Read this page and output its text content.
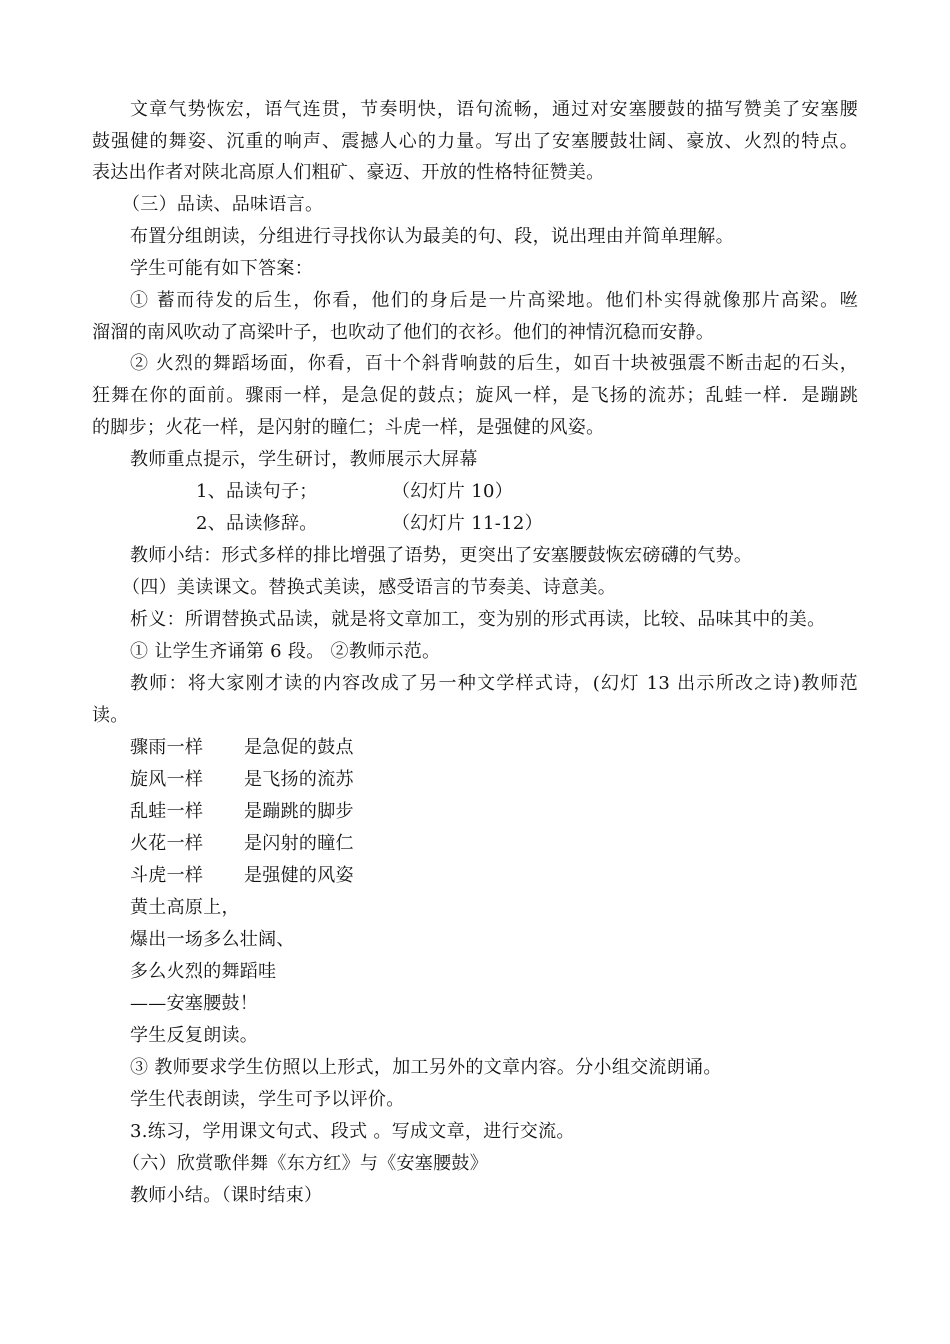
文章气势恢宏，语气连贯，节奏明快，语句流畅，通过对安塞腰鼓的描写赞美了安塞腰
鼓强健的舞姿、沉重的响声、震撼人心的力量。写出了安塞腰鼓壮阔、豪放、火烈的特点。
表达出作者对陕北高原人们粗矿、豪迈、开放的性格特征赞美。
（三）品读、品味语言。
布置分组朗读，分组进行寻找你认为最美的句、段，说出理由并简单理解。
学生可能有如下答案：
① 蓄而待发的后生，你看，他们的身后是一片高梁地。他们朴实得就像那片高梁。咝
溜溜的南风吹动了高梁叶子，也吹动了他们的衣衫。他们的神情沉稳而安静。
② 火烈的舞蹈场面，你看，百十个斜背响鼓的后生，如百十块被强震不断击起的石头，
狂舞在你的面前。骤雨一样，是急促的鼓点；旋风一样，是飞扬的流苏；乱蛙一样．是蹦跳
的脚步；火花一样，是闪射的瞳仁；斗虎一样，是强健的风姿。
教师重点提示，学生研讨，教师展示大屏幕
1、品读句子；	（幻灯片 10）
2、品读修辞。	（幻灯片 11-12）
教师小结：形式多样的排比增强了语势，更突出了安塞腰鼓恢宏磅礴的气势。
（四）美读课文。替换式美读，感受语言的节奏美、诗意美。
析义：所谓替换式品读，就是将文章加工，变为别的形式再读，比较、品味其中的美。
① 让学生齐诵第 6 段。 ②教师示范。
教师：将大家刚才读的内容改成了另一种文学样式诗，(幻灯 13 出示所改之诗)教师范
读。
骤雨一样 是急促的鼓点
旋风一样 是飞扬的流苏
乱蛙一样 是蹦跳的脚步
火花一样 是闪射的瞳仁
斗虎一样 是强健的风姿
黄土高原上，
爆出一场多么壮阔、
多么火烈的舞蹈哇
——安塞腰鼓！
学生反复朗读。
③ 教师要求学生仿照以上形式，加工另外的文章内容。分小组交流朗诵。
学生代表朗读，学生可予以评价。
3.练习，学用课文句式、段式 。写成文章，进行交流。
（六）欣赏歌伴舞《东方红》与《安塞腰鼓》
教师小结。（课时结束）
